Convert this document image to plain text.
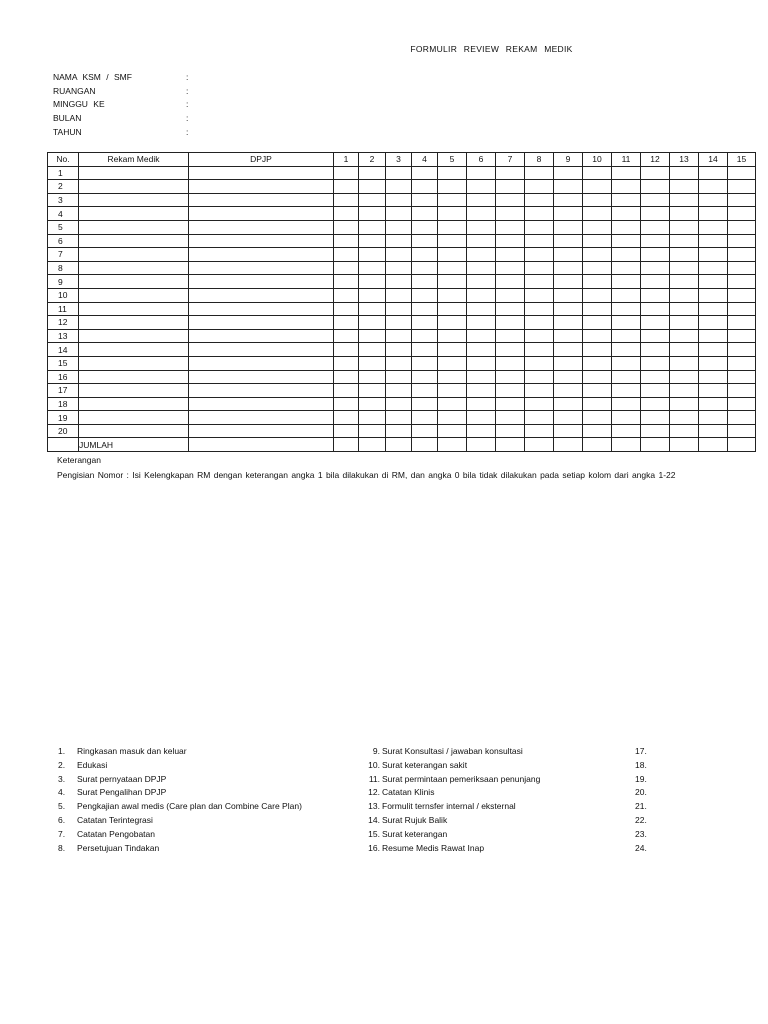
FORMULIR REVIEW REKAM MEDIK
NAMA KSM / SMF	:
RUANGAN	:
MINGGU KE	:
BULAN	:
TAHUN	:
No.	Rekam Medik	DPJP	1	2	3	4	5	6	7	8	9	10	11	12	13	14	15
1																	
2																	
3																	
4																	
5																	
6																	
7																	
8																	
9																	
10																	
11																	
12																	
13																	
14																	
15																	
16																	
17																	
18																	
19																	
20																	
	JUMLAH																
Keterangan
Pengisian Nomor : Isi Kelengkapan RM dengan keterangan angka 1 bila dilakukan di RM, dan angka 0 bila tidak dilakukan pada setiap kolom dari angka 1-22
1. Ringkasan masuk dan keluar
2. Edukasi
3. Surat pernyataan DPJP
4. Surat Pengalihan DPJP
5. Pengkajian awal medis (Care plan dan Combine Care Plan)
6. Catatan Terintegrasi
7. Catatan Pengobatan
8. Persetujuan Tindakan
9. Surat Konsultasi / jawaban konsultasi
10. Surat keterangan sakit
11. Surat permintaan pemeriksaan penunjang
12. Catatan Klinis
13. Formulit ternsfer internal / eksternal
14. Surat Rujuk Balik
15. Surat keterangan
16. Resume Medis Rawat Inap
17.
18.
19.
20.
21.
22.
23.
24.
